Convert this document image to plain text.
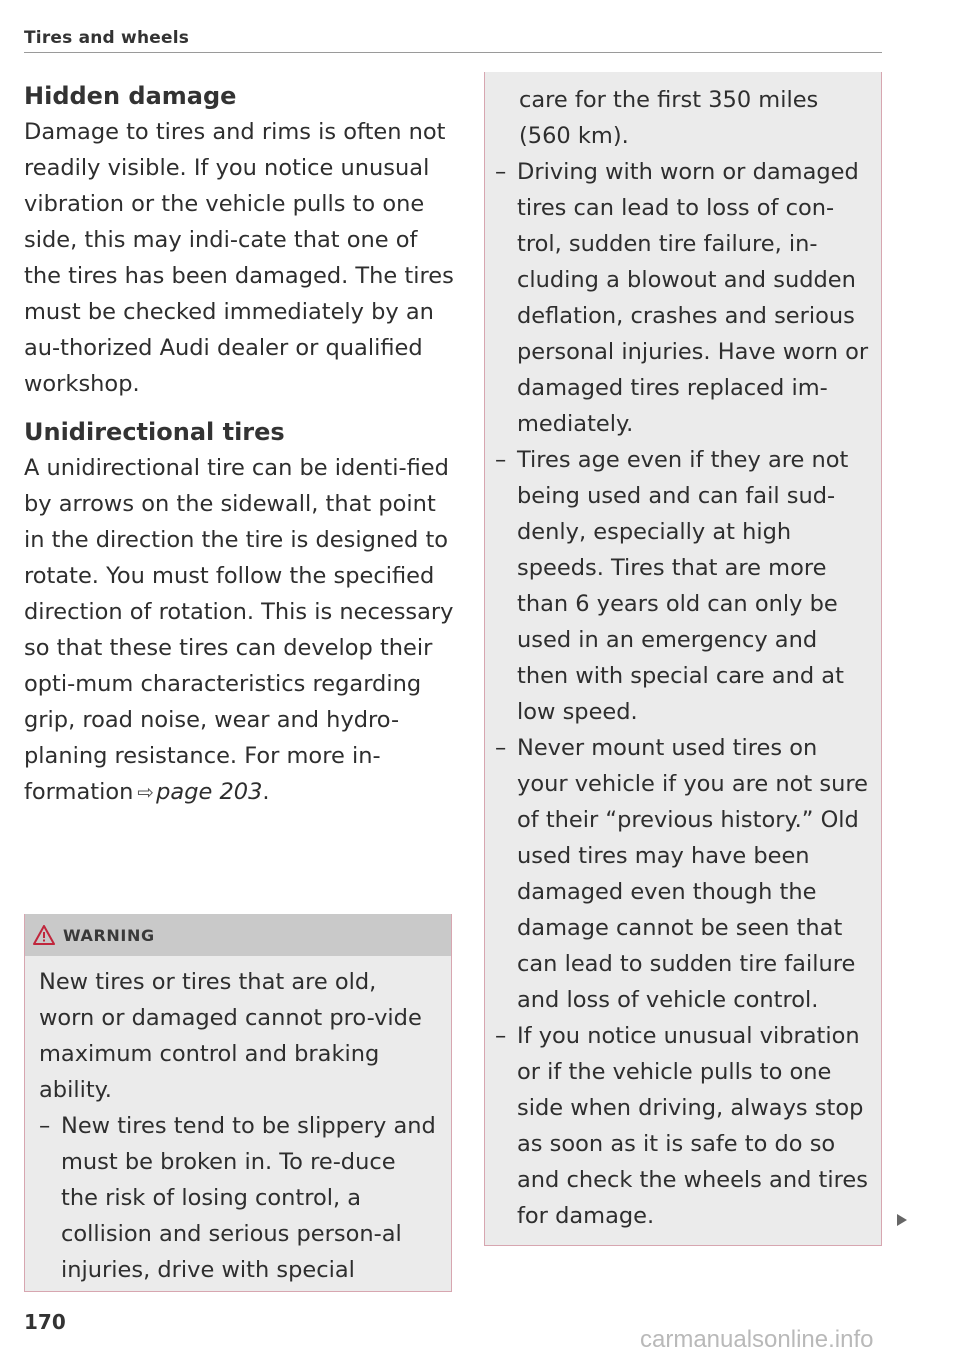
Tires and wheels
Hidden damage

Damage to tires and rims is often not readily visible. If you notice unusual vibration or the vehicle pulls to one side, this may indi-cate that one of the tires has been damaged. The tires must be checked immediately by an au-thorized Audi dealer or qualified workshop.

Unidirectional tires

A unidirectional tire can be identi-fied by arrows on the sidewall, that point in the direction the tire is designed to rotate. You must follow the specified direction of rotation. This is necessary so that these tires can develop their opti-mum characteristics regarding grip, road noise, wear and hydro-planing resistance. For more in-formation ⇨page 203.

WARNING

New tires or tires that are old, worn or damaged cannot pro-vide maximum control and braking ability.

– New tires tend to be slippery and must be broken in. To re-duce the risk of losing control, a collision and serious person-al injuries, drive with special

care for the first 350 miles (560 km).

– Driving with worn or damaged tires can lead to loss of con-trol, sudden tire failure, in-cluding a blowout and sudden deflation, crashes and serious personal injuries. Have worn or damaged tires replaced im-mediately.

– Tires age even if they are not being used and can fail sud-denly, especially at high speeds. Tires that are more than 6 years old can only be used in an emergency and then with special care and at low speed.

– Never mount used tires on your vehicle if you are not sure of their “previous history.” Old used tires may have been damaged even though the damage cannot be seen that can lead to sudden tire failure and loss of vehicle control.

– If you notice unusual vibration or if the vehicle pulls to one side when driving, always stop as soon as it is safe to do so and check the wheels and tires for damage.

170
carmanualsonline.info
